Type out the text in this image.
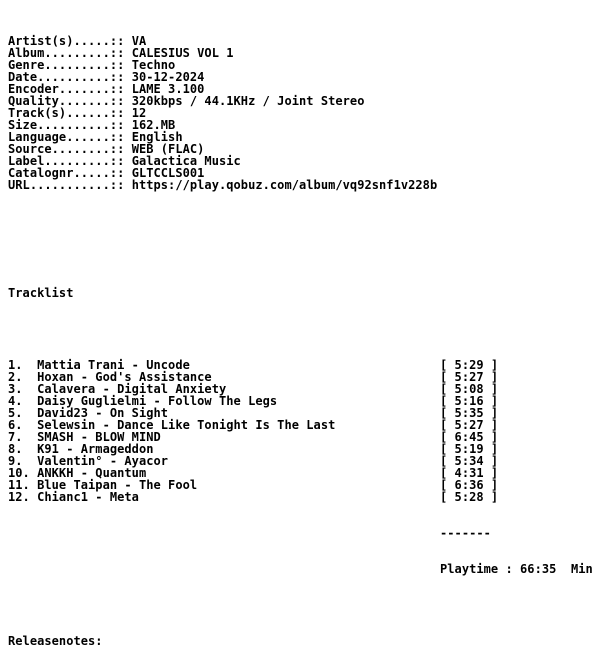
Artist(s).....:: VA
Album.........:: CALESIUS VOL 1
Genre.........:: Techno
Date..........:: 30-12-2024
Encoder.......:: LAME 3.100
Quality.......:: 320kbps / 44.1KHz / Joint Stereo
Track(s)......:: 12
Size..........:: 162.MB
Language......:: English
Source........:: WEB (FLAC)
Label.........:: Galactica Music
Catalognr.....:: GLTCCLS001
URL...........:: https://play.qobuz.com/album/vq92snf1v228b

Tracklist

1.  Mattia Trani - Uncode	[ 5:29 ]
2.  Hoxan - God's Assistance	[ 5:27 ]
3.  Calavera - Digital Anxiety	[ 5:08 ]
4.  Daisy Guglielmi - Follow The Legs	[ 5:16 ]
5.  David23 - On Sight	[ 5:35 ]
6.  Selewsin - Dance Like Tonight Is The Last	[ 5:27 ]
7.  SMASH - BLOW MIND	[ 6:45 ]
8.  K91 - Armageddon	[ 5:19 ]
9.  Valentin° - Ayacor	[ 5:34 ]
10. ANKKH - Quantum	[ 4:31 ]
11. Blue Taipan - The Fool	[ 6:36 ]
12. Chianc1 - Meta	[ 5:28 ]

-------

Playtime : 66:35  Min

Releasenotes:
